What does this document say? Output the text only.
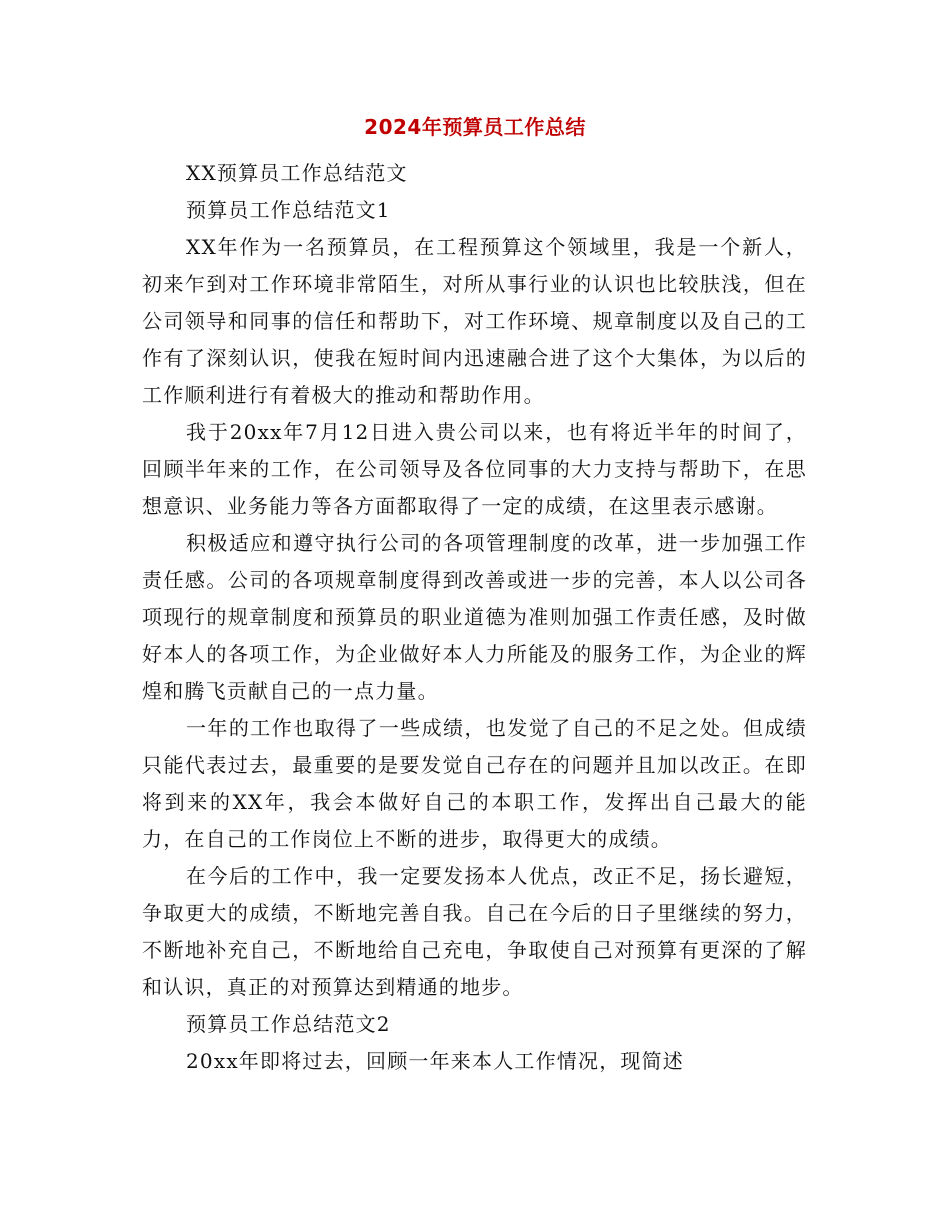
2024年预算员工作总结

XX预算员工作总结范文

预算员工作总结范文1

XX年作为一名预算员，在工程预算这个领域里，我是一个新人，初来乍到对工作环境非常陌生，对所从事行业的认识也比较肤浅，但在公司领导和同事的信任和帮助下，对工作环境、规章制度以及自己的工作有了深刻认识，使我在短时间内迅速融合进了这个大集体，为以后的工作顺利进行有着极大的推动和帮助作用。

我于20xx年7月12日进入贵公司以来，也有将近半年的时间了，回顾半年来的工作，在公司领导及各位同事的大力支持与帮助下，在思想意识、业务能力等各方面都取得了一定的成绩，在这里表示感谢。

积极适应和遵守执行公司的各项管理制度的改革，进一步加强工作责任感。公司的各项规章制度得到改善或进一步的完善，本人以公司各项现行的规章制度和预算员的职业道德为准则加强工作责任感，及时做好本人的各项工作，为企业做好本人力所能及的服务工作，为企业的辉煌和腾飞贡献自己的一点力量。

一年的工作也取得了一些成绩，也发觉了自己的不足之处。但成绩只能代表过去，最重要的是要发觉自己存在的问题并且加以改正。在即将到来的XX年，我会本做好自己的本职工作，发挥出自己最大的能力，在自己的工作岗位上不断的进步，取得更大的成绩。

在今后的工作中，我一定要发扬本人优点，改正不足，扬长避短，争取更大的成绩，不断地完善自我。自己在今后的日子里继续的努力，不断地补充自己，不断地给自己充电，争取使自己对预算有更深的了解和认识，真正的对预算达到精通的地步。

预算员工作总结范文2

20xx年即将过去，回顾一年来本人工作情况，现简述
